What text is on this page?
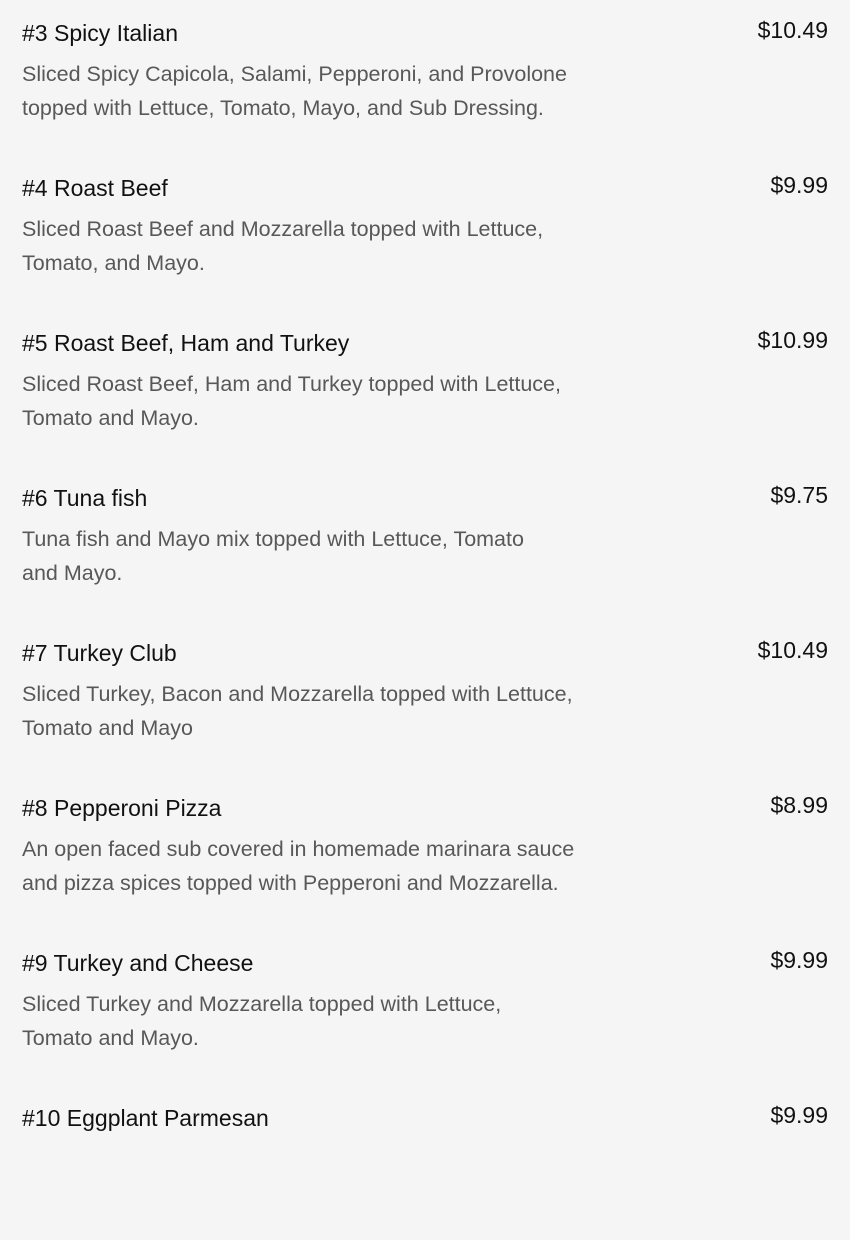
#3 Spicy Italian	$10.49
Sliced Spicy Capicola, Salami, Pepperoni, and Provolone
topped with Lettuce, Tomato, Mayo, and Sub Dressing.
#4 Roast Beef	$9.99
Sliced Roast Beef and Mozzarella topped with Lettuce,
Tomato, and Mayo.
#5 Roast Beef, Ham and Turkey	$10.99
Sliced Roast Beef, Ham and Turkey topped with Lettuce,
Tomato and Mayo.
#6 Tuna fish	$9.75
Tuna fish and Mayo mix topped with Lettuce, Tomato
and Mayo.
#7 Turkey Club	$10.49
Sliced Turkey, Bacon and Mozzarella topped with Lettuce,
Tomato and Mayo
#8 Pepperoni Pizza	$8.99
An open faced sub covered in homemade marinara sauce
and pizza spices topped with Pepperoni and Mozzarella.
#9 Turkey and Cheese	$9.99
Sliced Turkey and Mozzarella topped with Lettuce,
Tomato and Mayo.
#10 Eggplant Parmesan	$9.99
